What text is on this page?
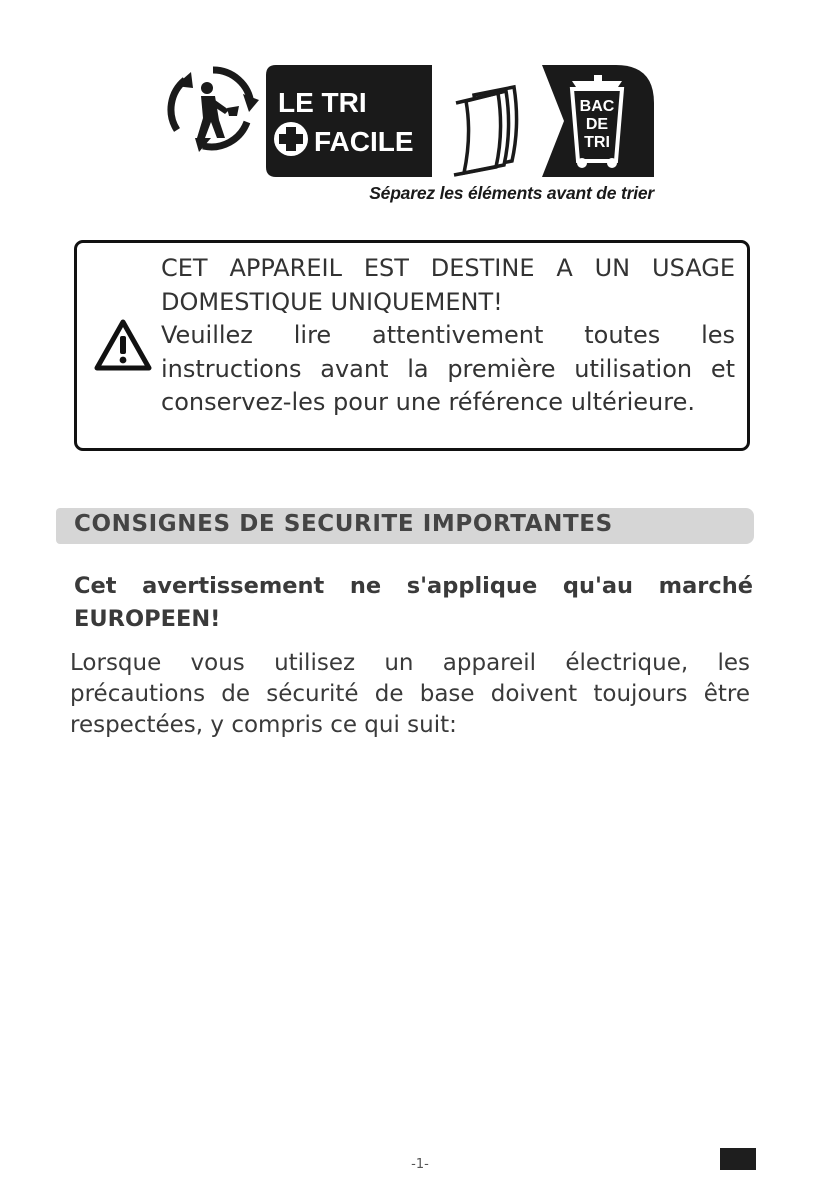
LE TRI
FACILE
BAC
DE
TRI
Séparez les éléments avant de trier

CET APPAREIL EST DESTINE A UN USAGE DOMESTIQUE UNIQUEMENT!

Veuillez lire attentivement toutes les instructions avant la première utilisation et conservez-les pour une référence ultérieure.

CONSIGNES DE SECURITE IMPORTANTES
Cet avertissement ne s'applique qu'au marché EUROPEEN!
Lorsque vous utilisez un appareil électrique, les précautions de sécurité de base doivent toujours être respectées, y compris ce qui suit:
-1-
